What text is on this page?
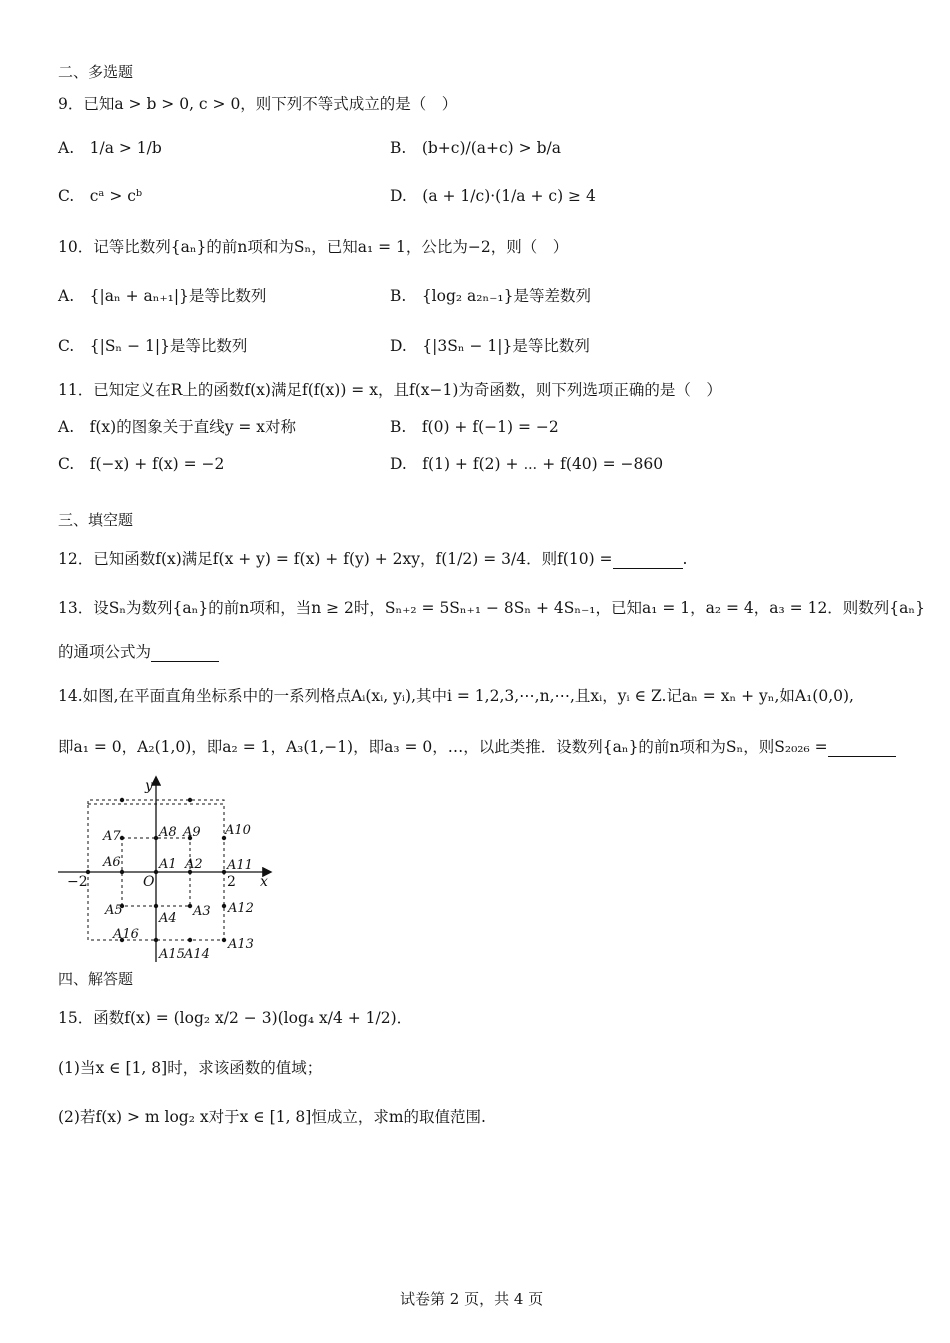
二、多选题
9．已知a > b > 0, c > 0，则下列不等式成立的是（　）
A.　1/a > 1/b	B.　(b+c)/(a+c) > b/a
C.　cᵃ > cᵇ	D.　(a + 1/c)·(1/a + c) ≥ 4
10．记等比数列{aₙ}的前n项和为Sₙ，已知a₁ = 1，公比为−2，则（　）
A.　{|aₙ + aₙ₊₁|}是等比数列	B.　{log₂ a₂ₙ₋₁}是等差数列
C.　{|Sₙ − 1|}是等比数列	D.　{|3Sₙ − 1|}是等比数列
11．已知定义在R上的函数f(x)满足f(f(x)) = x，且f(x−1)为奇函数，则下列选项正确的是（　）
A.　f(x)的图象关于直线y = x对称	B.　f(0) + f(−1) = −2
C.　f(−x) + f(x) = −2	D.　f(1) + f(2) + ⋯ + f(40) = −860
三、填空题
12．已知函数f(x)满足f(x + y) = f(x) + f(y) + 2xy，f(1/2) = 3/4．则f(10) =	.
13．设Sₙ为数列{aₙ}的前n项和，当n ≥ 2时，Sₙ₊₂ = 5Sₙ₊₁ − 8Sₙ + 4Sₙ₋₁，已知a₁ = 1，a₂ = 4，a₃ = 12．则数列{aₙ}
的通项公式为
14.如图,在平面直角坐标系中的一系列格点Aᵢ(xᵢ, yᵢ),其中i = 1,2,3,⋯,n,⋯,且xᵢ，yᵢ ∈ Z.记aₙ = xₙ + yₙ,如A₁(0,0),
即a₁ = 0，A₂(1,0)，即a₂ = 1，A₃(1,−1)，即a₃ = 0，…，以此类推．设数列{aₙ}的前n项和为Sₙ，则S₂₀₂₆ =
y
x
O
−2	2
A1 A2
A3
A4
A5
A6
A7	A8 A9 A10
A11
A12
A13
A14
A15
A16
四、解答题
15．函数f(x) = (log₂ x/2 − 3)(log₄ x/4 + 1/2)．
(1)当x ∈ [1, 8]时，求该函数的值域；
(2)若f(x) > m log₂ x对于x ∈ [1, 8]恒成立，求m的取值范围.
试卷第 2 页，共 4 页
